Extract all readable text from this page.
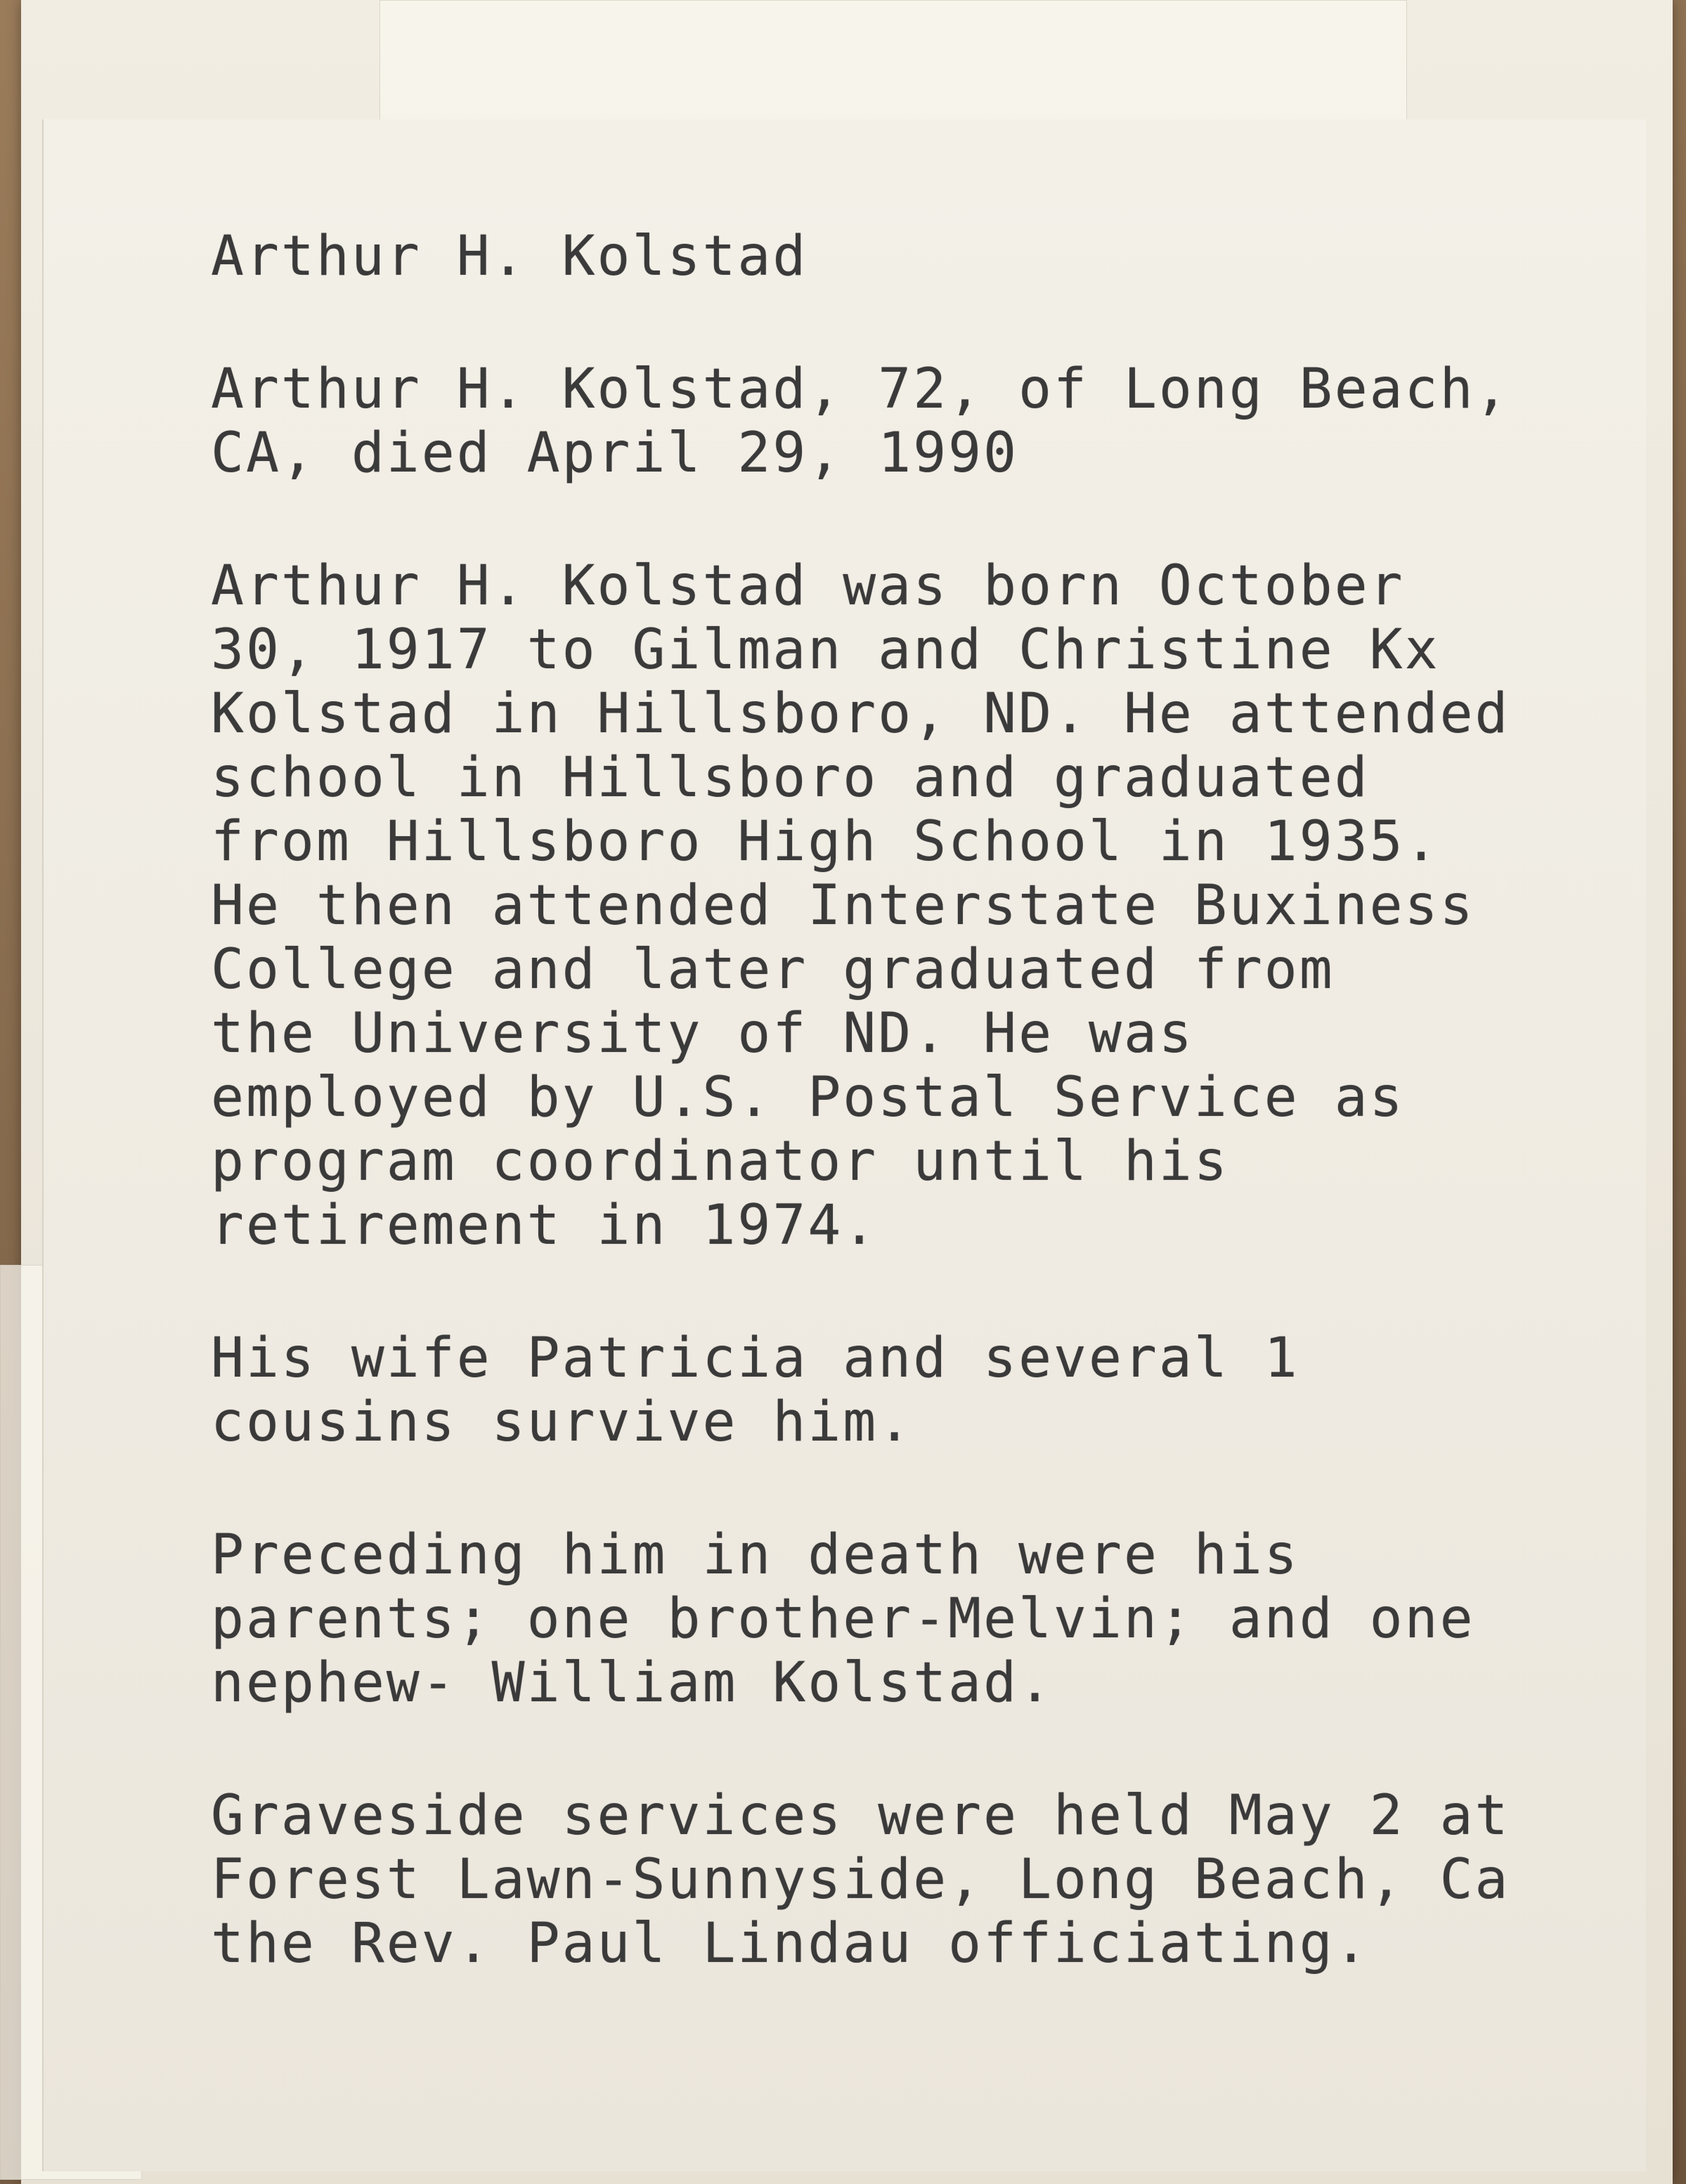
Arthur H. Kolstad
Arthur H. Kolstad, 72, of Long Beach,
CA, died April 29, 1990
Arthur H. Kolstad was born October
30, 1917 to Gilman and Christine Kx
Kolstad in Hillsboro, ND. He attended
school in Hillsboro and graduated
from Hillsboro High School in 1935.
He then attended Interstate Buxiness
College and later graduated from
the University of ND. He was
employed by U.S. Postal Service as
program coordinator until his
retirement in 1974.
His wife Patricia and several 1
cousins survive him.
Preceding him in death were his
parents; one brother-Melvin; and one
nephew- William Kolstad.
Graveside services were held May 2 at
Forest Lawn-Sunnyside, Long Beach, Ca
the Rev. Paul Lindau officiating.
